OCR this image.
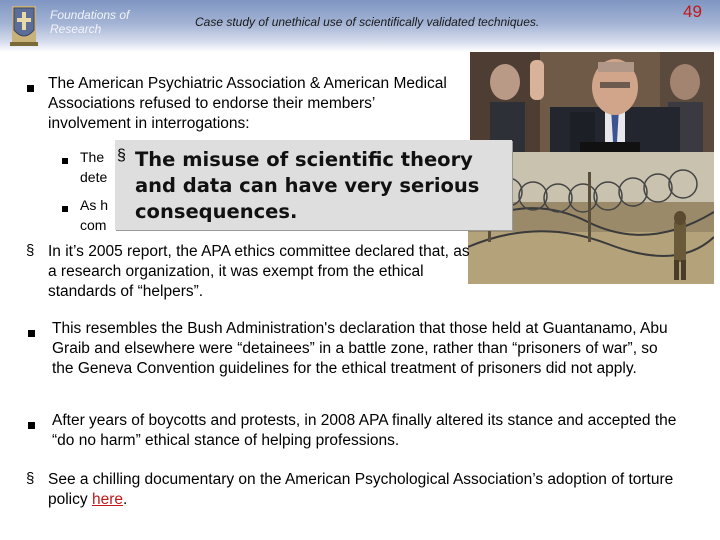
Foundations of
Research	Case study of unethical use of scientifically validated techniques.
49
The American Psychiatric Association & American Medical Associations refused to endorse their members’ involvement in interrogations:
The
dete
As h
com
§ The misuse of scientific theory and data can have very serious consequences.
§ In it’s 2005 report, the APA ethics committee declared that, as a research organization, it was exempt from the ethical standards of “helpers”.
This resembles the Bush Administration's declaration that those held at Guantanamo, Abu Graib and elsewhere were “detainees” in a battle zone, rather than “prisoners of war”, so the Geneva Convention guidelines for the ethical treatment of prisoners did not apply.
After years of boycotts and protests, in 2008 APA finally altered its stance and accepted the “do no harm” ethical stance of helping professions.
§ See a chilling documentary on the American Psychological Association’s adoption of torture policy here.
